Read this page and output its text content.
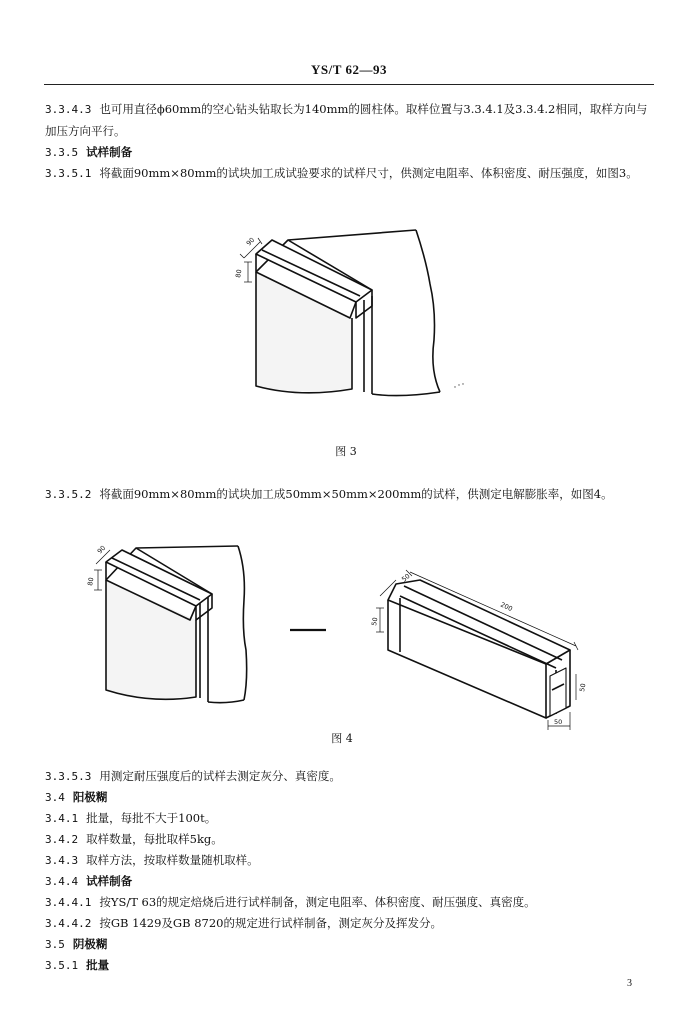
YS/T 62—93
3.3.4.3 也可用直径ϕ60mm的空心钻头钻取长为140mm的圆柱体。取样位置与3.3.4.1及3.3.4.2相同，取样方向与加压方向平行。
3.3.5 试样制备
3.3.5.1 将截面90mm×80mm的试块加工成试验要求的试样尺寸，供测定电阻率、体积密度、耐压强度，如图3。
90
80
90
80	50
200
50
50
50
图 3
3.3.5.2 将截面90mm×80mm的试块加工成50mm×50mm×200mm的试样，供测定电解膨胀率，如图4。
图 4
3.3.5.3 用测定耐压强度后的试样去测定灰分、真密度。
3.4 阳极糊
3.4.1 批量，每批不大于100t。
3.4.2 取样数量，每批取样5kg。
3.4.3 取样方法，按取样数量随机取样。
3.4.4 试样制备
3.4.4.1 按YS/T 63的规定焙烧后进行试样制备，测定电阻率、体积密度、耐压强度、真密度。
3.4.4.2 按GB 1429及GB 8720的规定进行试样制备，测定灰分及挥发分。
3.5 阴极糊
3.5.1 批量
3
